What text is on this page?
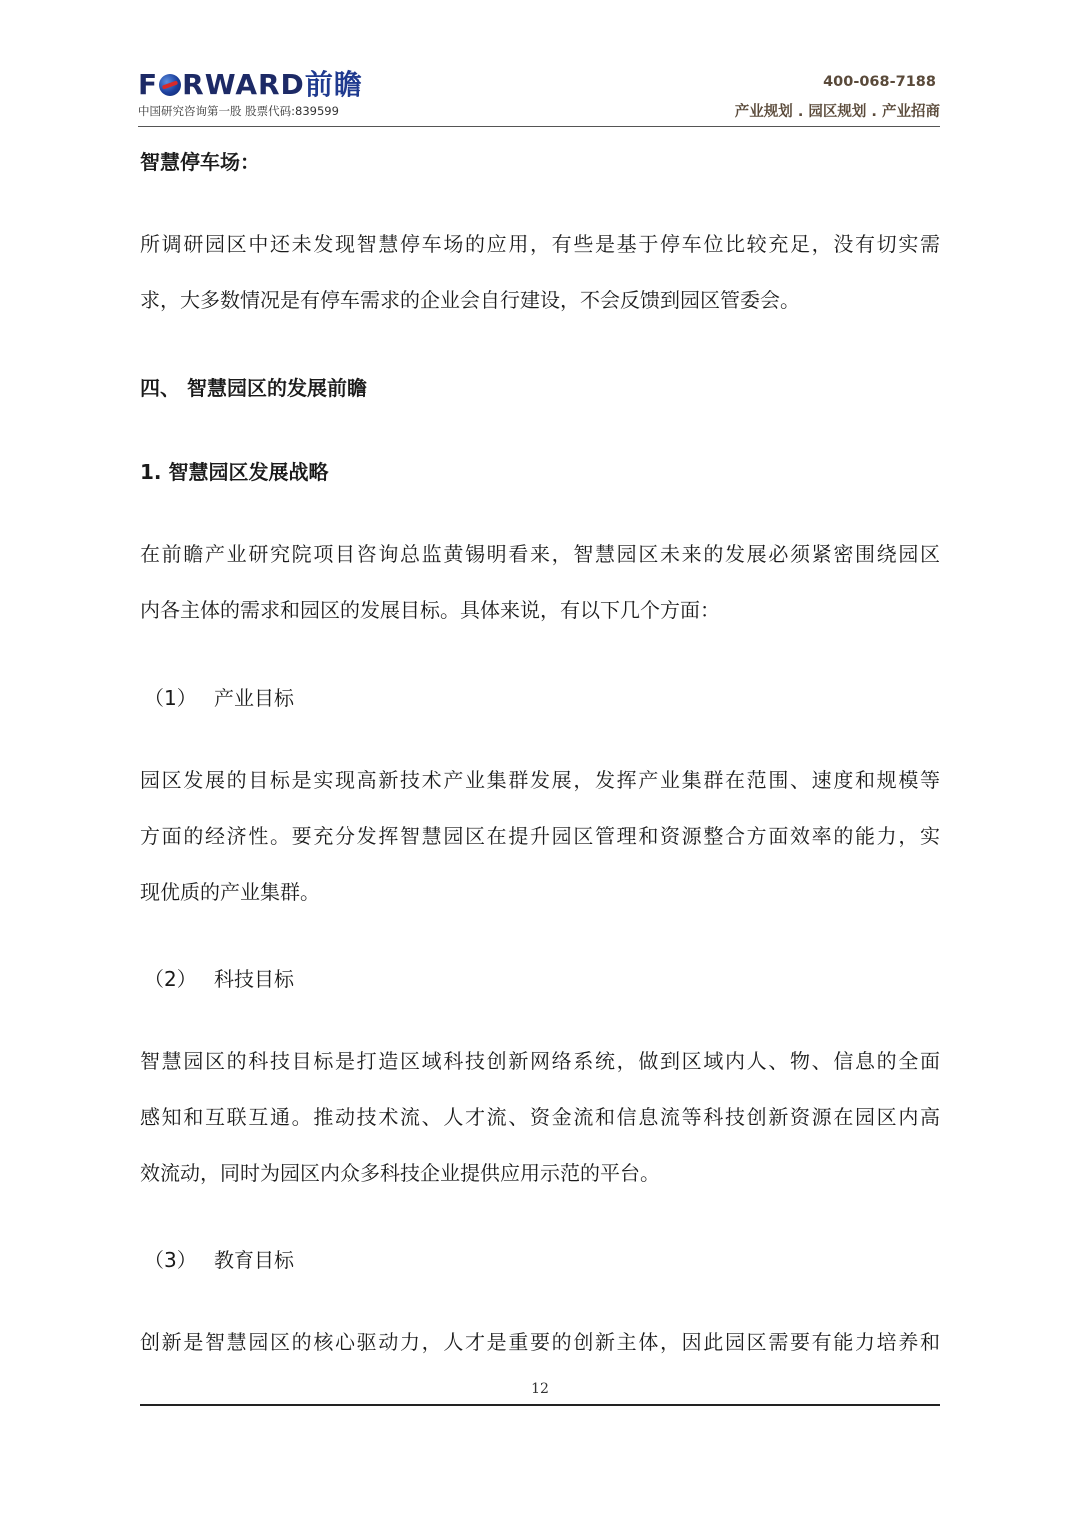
F RWARD前瞻
中国研究咨询第一股 股票代码:839599
400-068-7188
产业规划 . 园区规划 . 产业招商
智慧停车场：
所调研园区中还未发现智慧停车场的应用，有些是基于停车位比较充足，没有切实需
求，大多数情况是有停车需求的企业会自行建设，不会反馈到园区管委会。
四、 智慧园区的发展前瞻
1. 智慧园区发展战略
在前瞻产业研究院项目咨询总监黄锡明看来，智慧园区未来的发展必须紧密围绕园区
内各主体的需求和园区的发展目标。具体来说，有以下几个方面：
（1） 产业目标
园区发展的目标是实现高新技术产业集群发展，发挥产业集群在范围、速度和规模等
方面的经济性。要充分发挥智慧园区在提升园区管理和资源整合方面效率的能力，实
现优质的产业集群。
（2） 科技目标
智慧园区的科技目标是打造区域科技创新网络系统，做到区域内人、物、信息的全面
感知和互联互通。推动技术流、人才流、资金流和信息流等科技创新资源在园区内高
效流动，同时为园区内众多科技企业提供应用示范的平台。
（3） 教育目标
创新是智慧园区的核心驱动力，人才是重要的创新主体，因此园区需要有能力培养和
12
